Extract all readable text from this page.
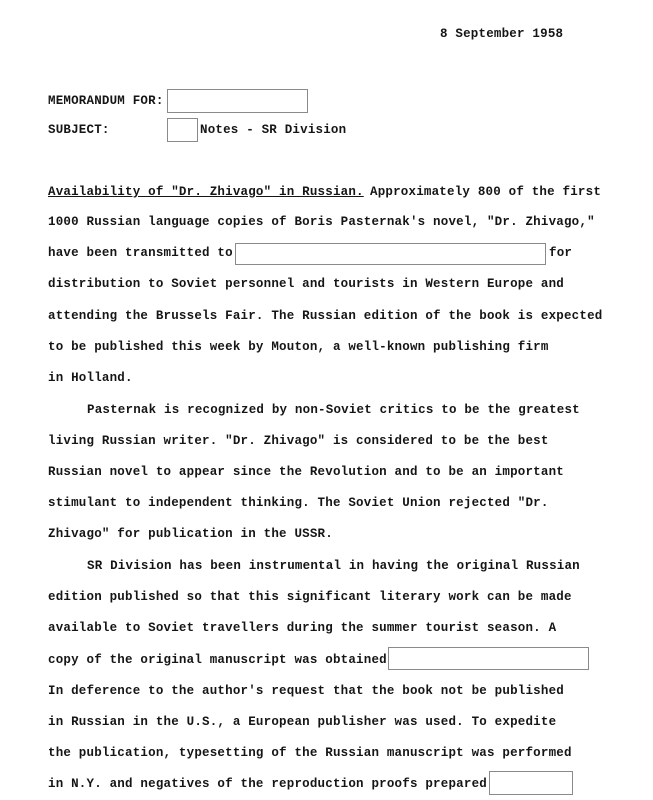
8 September 1958
MEMORANDUM FOR:
SUBJECT:	Notes - SR Division
Availability of "Dr. Zhivago" in Russian. Approximately 800 of the first
1000 Russian language copies of Boris Pasternak's novel, "Dr. Zhivago,"
have been transmitted to	for
distribution to Soviet personnel and tourists in Western Europe and
attending the Brussels Fair. The Russian edition of the book is expected
to be published this week by Mouton, a well-known publishing firm
in Holland.
Pasternak is recognized by non-Soviet critics to be the greatest
living Russian writer. "Dr. Zhivago" is considered to be the best
Russian novel to appear since the Revolution and to be an important
stimulant to independent thinking. The Soviet Union rejected "Dr.
Zhivago" for publication in the USSR.
SR Division has been instrumental in having the original Russian
edition published so that this significant literary work can be made
available to Soviet travellers during the summer tourist season. A
copy of the original manuscript was obtained
In deference to the author's request that the book not be published
in Russian in the U.S., a European publisher was used. To expedite
the publication, typesetting of the Russian manuscript was performed
in N.Y. and negatives of the reproduction proofs prepared
